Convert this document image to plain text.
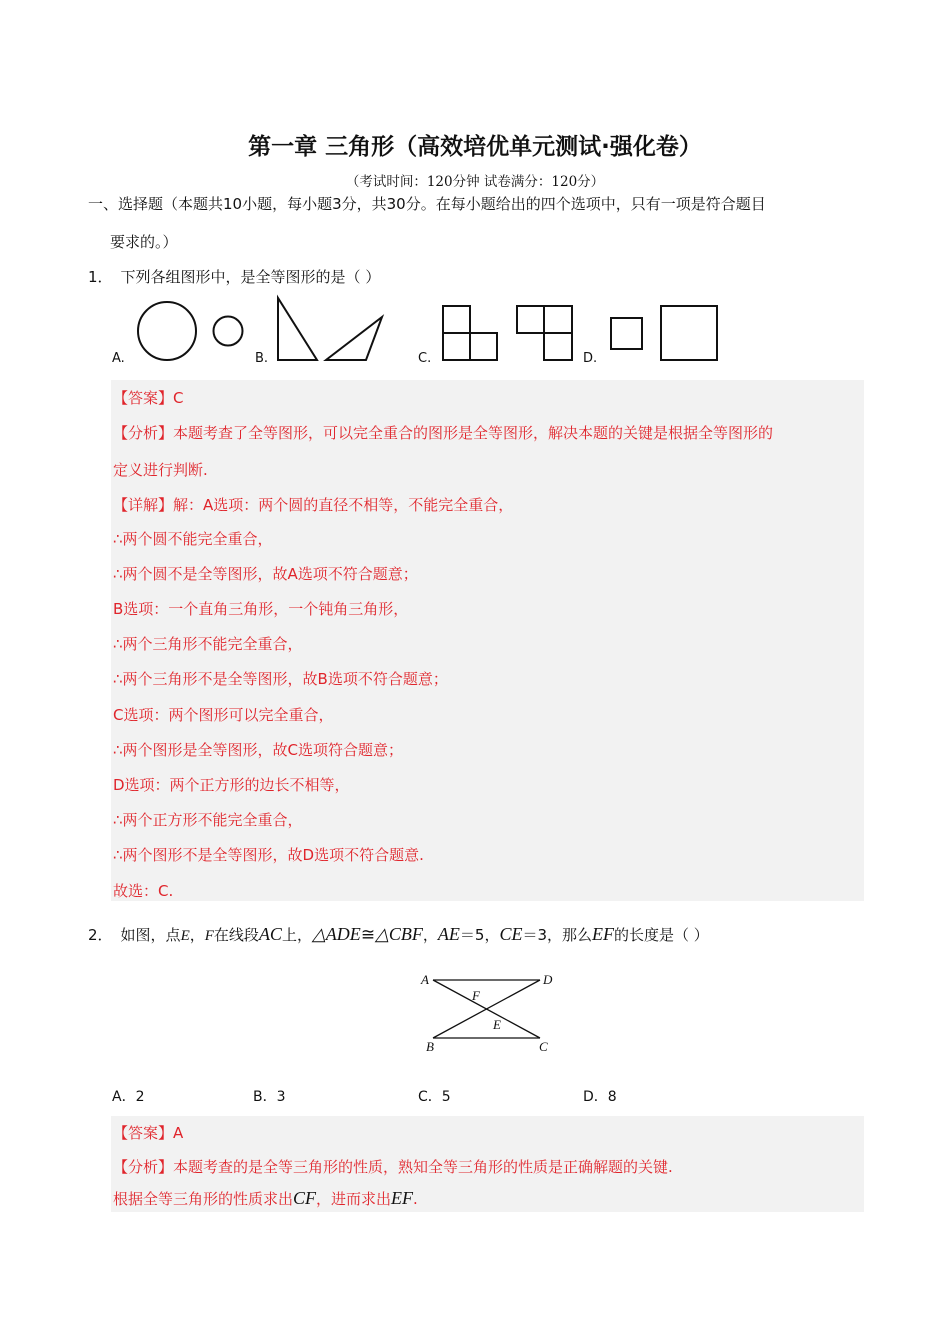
第一章 三角形（高效培优单元测试·强化卷）
（考试时间：120分钟 试卷满分：120分）
一、选择题（本题共10小题，每小题3分，共30分。在每小题给出的四个选项中，只有一项是符合题目
要求的。）
1． 下列各组图形中，是全等图形的是（ ）
A.	B.	C.	D.
【答案】C
【分析】本题考查了全等图形，可以完全重合的图形是全等图形，解决本题的关键是根据全等图形的
定义进行判断.
【详解】解：A选项：两个圆的直径不相等，不能完全重合，
∴两个圆不能完全重合，
∴两个圆不是全等图形，故A选项不符合题意；
B选项：一个直角三角形，一个钝角三角形，
∴两个三角形不能完全重合，
∴两个三角形不是全等图形，故B选项不符合题意；
C选项：两个图形可以完全重合，
∴两个图形是全等图形，故C选项符合题意；
D选项：两个正方形的边长不相等，
∴两个正方形不能完全重合，
∴两个图形不是全等图形，故D选项不符合题意.
故选：C.
2． 如图，点E，F在线段AC上，△ADE≅△CBF，AE＝5，CE＝3，那么EF的长度是（ ）
A	D
F
E
B	C
A．2	B．3	C．5	D．8
【答案】A
【分析】本题考查的是全等三角形的性质，熟知全等三角形的性质是正确解题的关键.
根据全等三角形的性质求出CF，进而求出EF.
